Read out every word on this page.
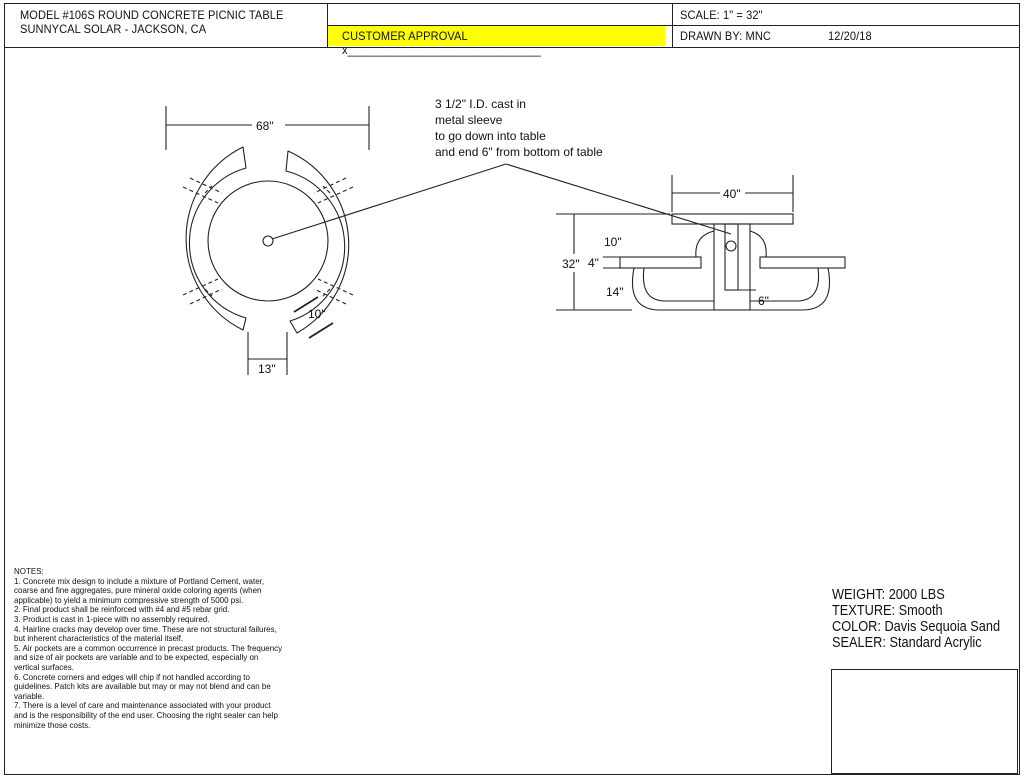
MODEL #106S ROUND CONCRETE PICNIC TABLE
SUNNYCAL SOLAR - JACKSON, CA	CUSTOMER APPROVAL x_______________________________
SCALE: 1" = 32"
DRAWN BY: MNC	12/20/18
68"
10"
13"
3 1/2" I.D. cast in
metal sleeve
to go down into table
and end 6" from bottom of table
40"
32"
10"
4"
14"
6"
NOTES:
1. Concrete mix design to include a mixture of Portland Cement, water, coarse and fine aggregates, pure mineral oxide coloring agents (when applicable) to yield a minimum compressive strength of 5000 psi.
2. Final product shall be reinforced with #4 and #5 rebar grid.
3. Product is cast in 1-piece with no assembly required.
4. Hairline cracks may develop over time. These are not structural failures, but inherent characteristics of the material itself.
5. Air pockets are a common occurrence in precast products. The frequency and size of air pockets are variable and to be expected, especially on vertical surfaces.
6. Concrete corners and edges will chip if not handled according to guidelines. Patch kits are available but may or may not blend and can be variable.
7. There is a level of care and maintenance associated with your product and is the responsibility of the end user. Choosing the right sealer can help minimize those costs.
WEIGHT: 2000 LBS
TEXTURE: Smooth
COLOR: Davis Sequoia Sand
SEALER: Standard Acrylic
